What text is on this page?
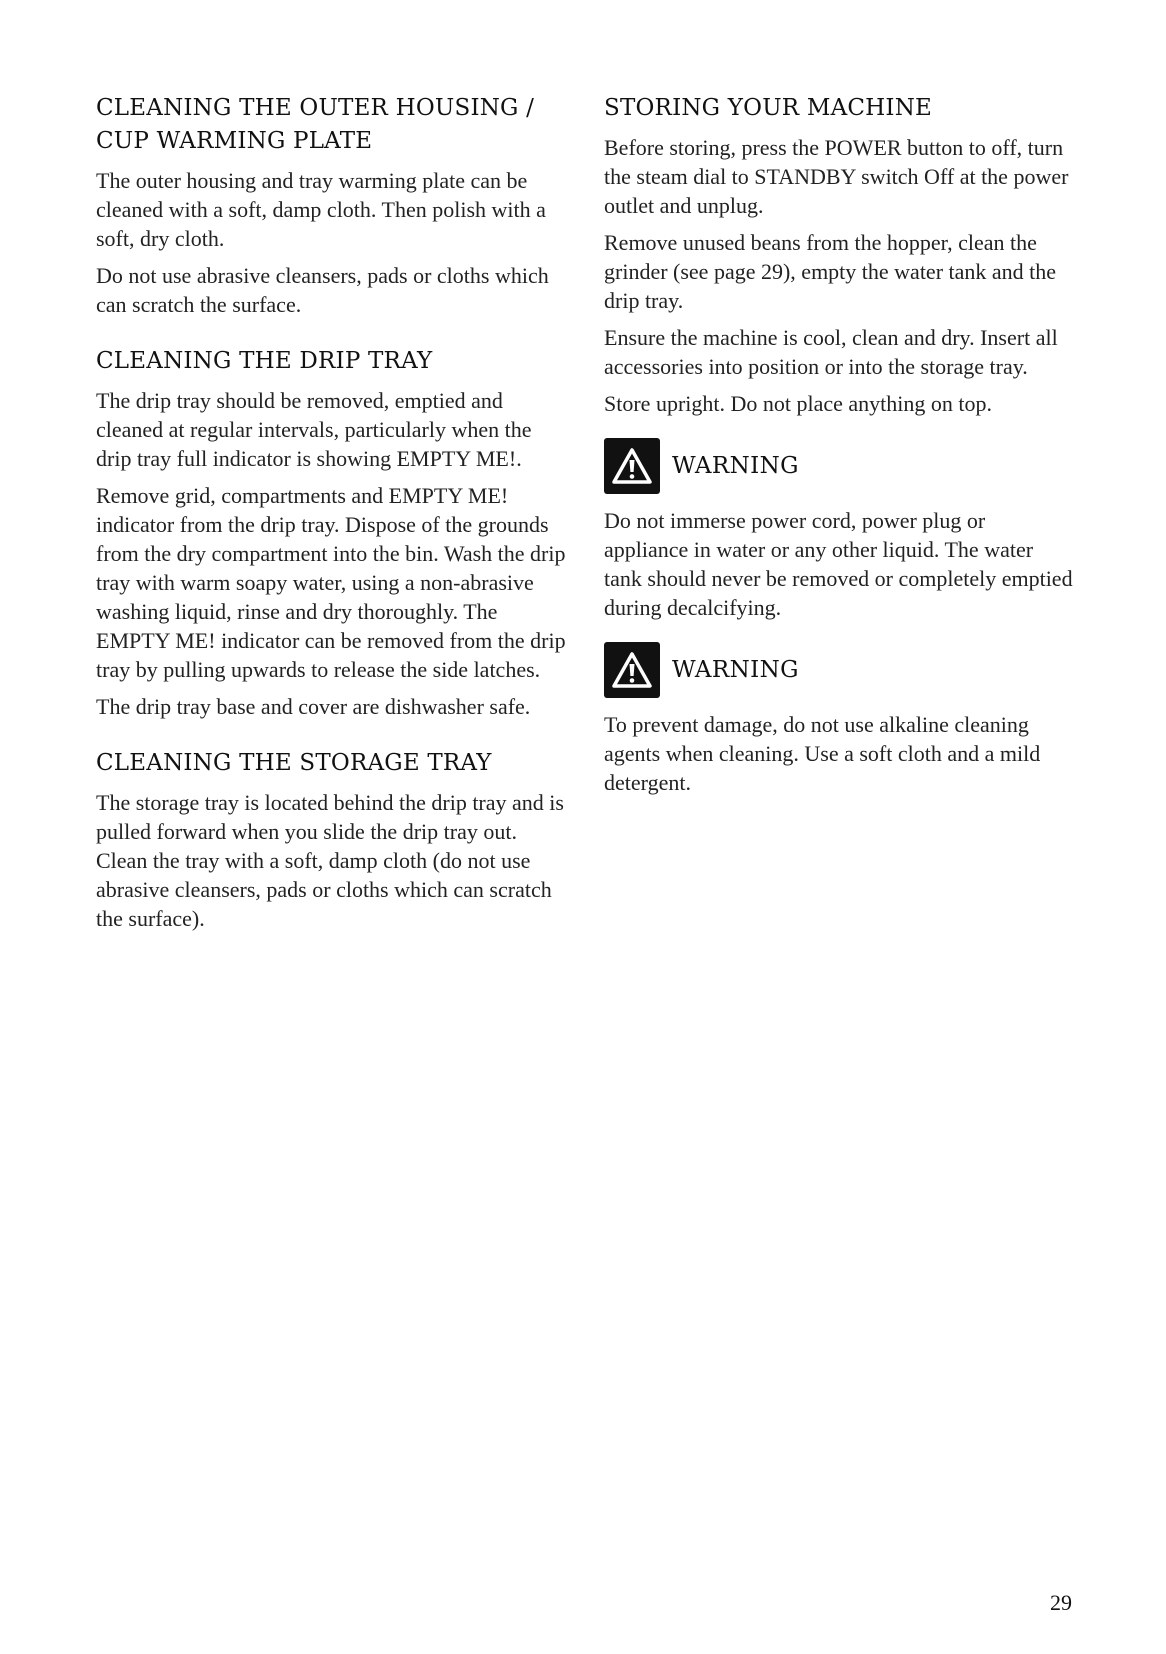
CLEANING THE OUTER HOUSING / CUP WARMING PLATE

The outer housing and tray warming plate can be cleaned with a soft, damp cloth. Then polish with a soft, dry cloth.

Do not use abrasive cleansers, pads or cloths which can scratch the surface.

CLEANING THE DRIP TRAY

The drip tray should be removed, emptied and cleaned at regular intervals, particularly when the drip tray full indicator is showing EMPTY ME!.

Remove grid, compartments and EMPTY ME! indicator from the drip tray. Dispose of the grounds from the dry compartment into the bin. Wash the drip tray with warm soapy water, using a non-abrasive washing liquid, rinse and dry thoroughly. The EMPTY ME! indicator can be removed from the drip tray by pulling upwards to release the side latches.

The drip tray base and cover are dishwasher safe.

CLEANING THE STORAGE TRAY

The storage tray is located behind the drip tray and is pulled forward when you slide the drip tray out. Clean the tray with a soft, damp cloth (do not use abrasive cleansers, pads or cloths which can scratch the surface).

STORING YOUR MACHINE

Before storing, press the POWER button to off, turn the steam dial to STANDBY switch Off at the power outlet and unplug.

Remove unused beans from the hopper, clean the grinder (see page 29), empty the water tank and the drip tray.

Ensure the machine is cool, clean and dry. Insert all accessories into position or into the storage tray.

Store upright. Do not place anything on top.

WARNING

Do not immerse power cord, power plug or appliance in water or any other liquid. The water tank should never be removed or completely emptied during decalcifying.

WARNING

To prevent damage, do not use alkaline cleaning agents when cleaning. Use a soft cloth and a mild detergent.

29
